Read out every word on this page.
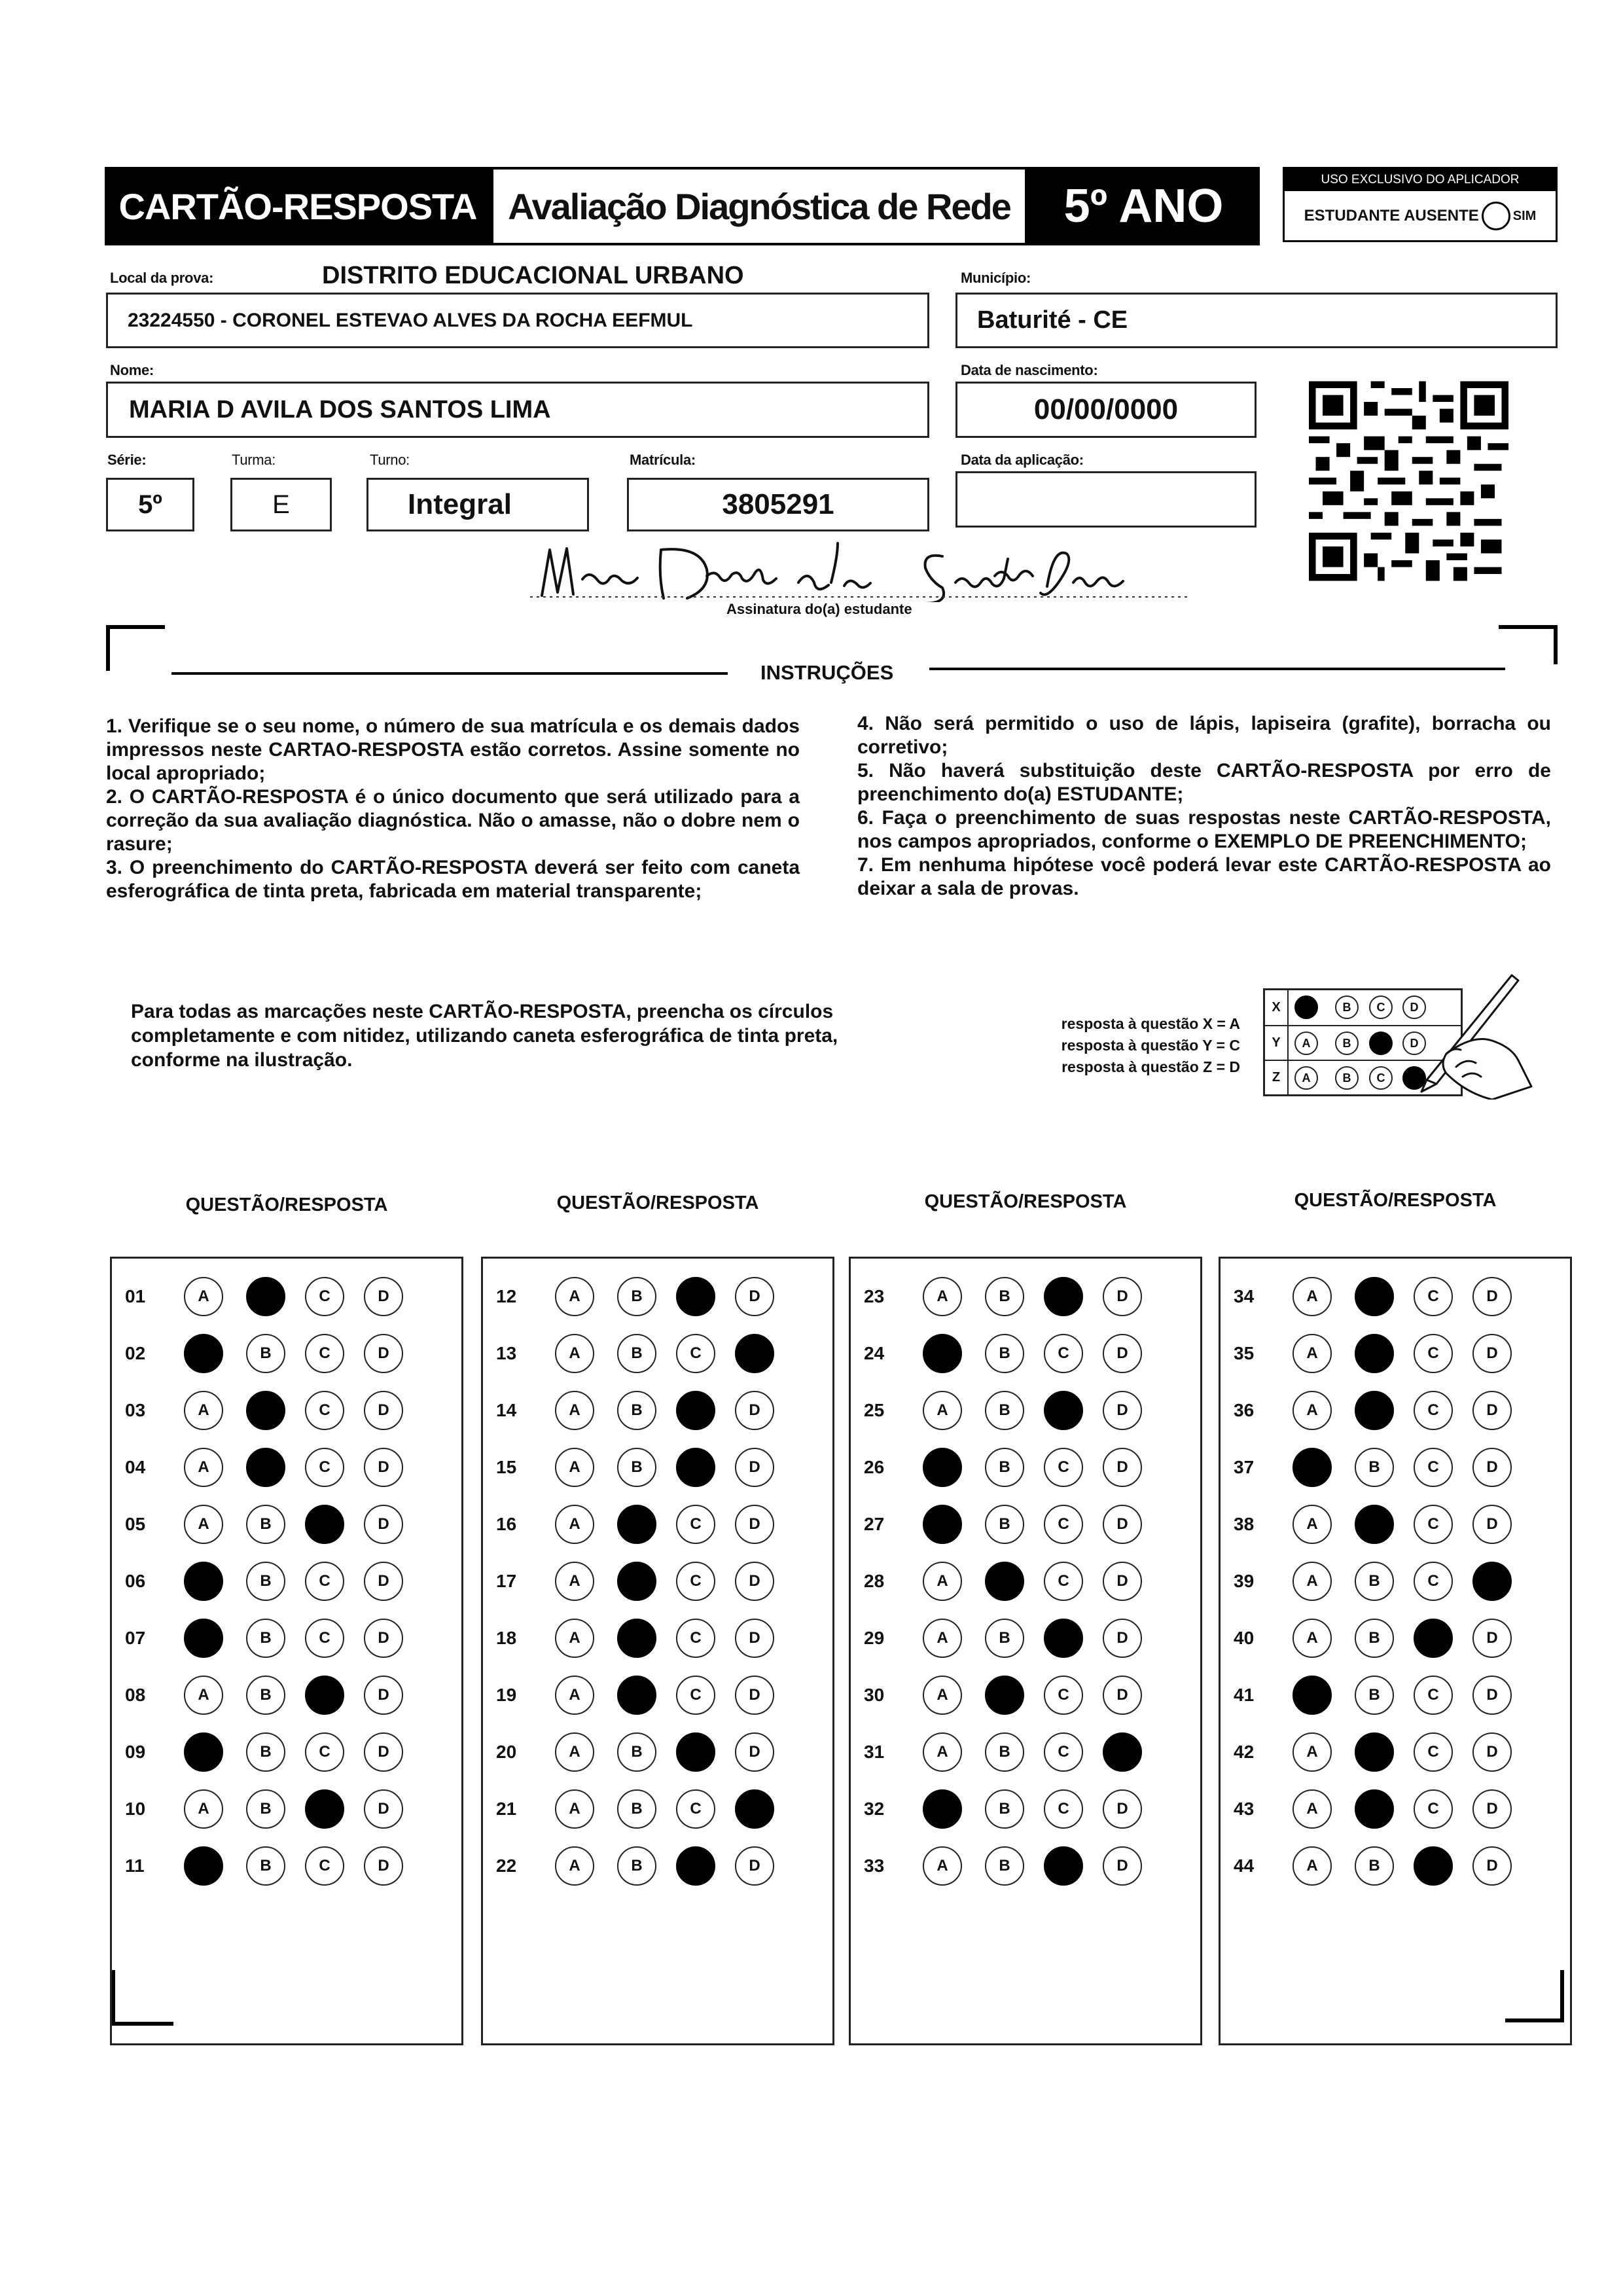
CARTÃO-RESPOSTA Avaliação Diagnóstica de Rede 5º ANO
USO EXCLUSIVO DO APLICADOR
ESTUDANTE AUSENTE	SIM
Local da prova:	DISTRITO EDUCACIONAL URBANO
23224550 - CORONEL ESTEVAO ALVES DA ROCHA EEFMUL
Município:
Baturité - CE
Nome:
MARIA D AVILA DOS SANTOS LIMA
Data de nascimento:
00/00/0000
Série:
5º
Turma:
E
Turno:
Integral
Matrícula:
3805291
Data da aplicação:
Assinatura do(a) estudante
INSTRUÇÕES

1. Verifique se o seu nome, o número de sua matrícula e os demais dados impressos neste CARTAO-RESPOSTA estão corretos. Assine somente no local apropriado;

2. O CARTÃO-RESPOSTA é o único documento que será utilizado para a correção da sua avaliação diagnóstica. Não o amasse, não o dobre nem o rasure;

3. O preenchimento do CARTÃO-RESPOSTA deverá ser feito com caneta esferográfica de tinta preta, fabricada em material transparente;

4. Não será permitido o uso de lápis, lapiseira (grafite), borracha ou corretivo;

5. Não haverá substituição deste CARTÃO-RESPOSTA por erro de preenchimento do(a) ESTUDANTE;

6. Faça o preenchimento de suas respostas neste CARTÃO-RESPOSTA, nos campos apropriados, conforme o EXEMPLO DE PREENCHIMENTO;

7. Em nenhuma hipótese você poderá levar este CARTÃO-RESPOSTA ao deixar a sala de provas.

Para todas as marcações neste CARTÃO-RESPOSTA, preencha os círculos completamente e com nitidez, utilizando caneta esferográfica de tinta preta, conforme na ilustração.
resposta à questão X = A
resposta à questão Y = C
resposta à questão Z = D
X	A	B	C	D
Y	A	B	C	D
Z	A	B	C	D
QUESTÃO/RESPOSTA
01	A	B	C	D
02	A	B	C	D
03	A	B	C	D
04	A	B	C	D
05	A	B	C	D
06	A	B	C	D
07	A	B	C	D
08	A	B	C	D
09	A	B	C	D
10	A	B	C	D
11	A	B	C	D
QUESTÃO/RESPOSTA
12	A	B	C	D
13	A	B	C	D
14	A	B	C	D
15	A	B	C	D
16	A	B	C	D
17	A	B	C	D
18	A	B	C	D
19	A	B	C	D
20	A	B	C	D
21	A	B	C	D
22	A	B	C	D
QUESTÃO/RESPOSTA
23	A	B	C	D
24	A	B	C	D
25	A	B	C	D
26	A	B	C	D
27	A	B	C	D
28	A	B	C	D
29	A	B	C	D
30	A	B	C	D
31	A	B	C	D
32	A	B	C	D
33	A	B	C	D
QUESTÃO/RESPOSTA
34	A	B	C	D
35	A	B	C	D
36	A	B	C	D
37	A	B	C	D
38	A	B	C	D
39	A	B	C	D
40	A	B	C	D
41	A	B	C	D
42	A	B	C	D
43	A	B	C	D
44	A	B	C	D
